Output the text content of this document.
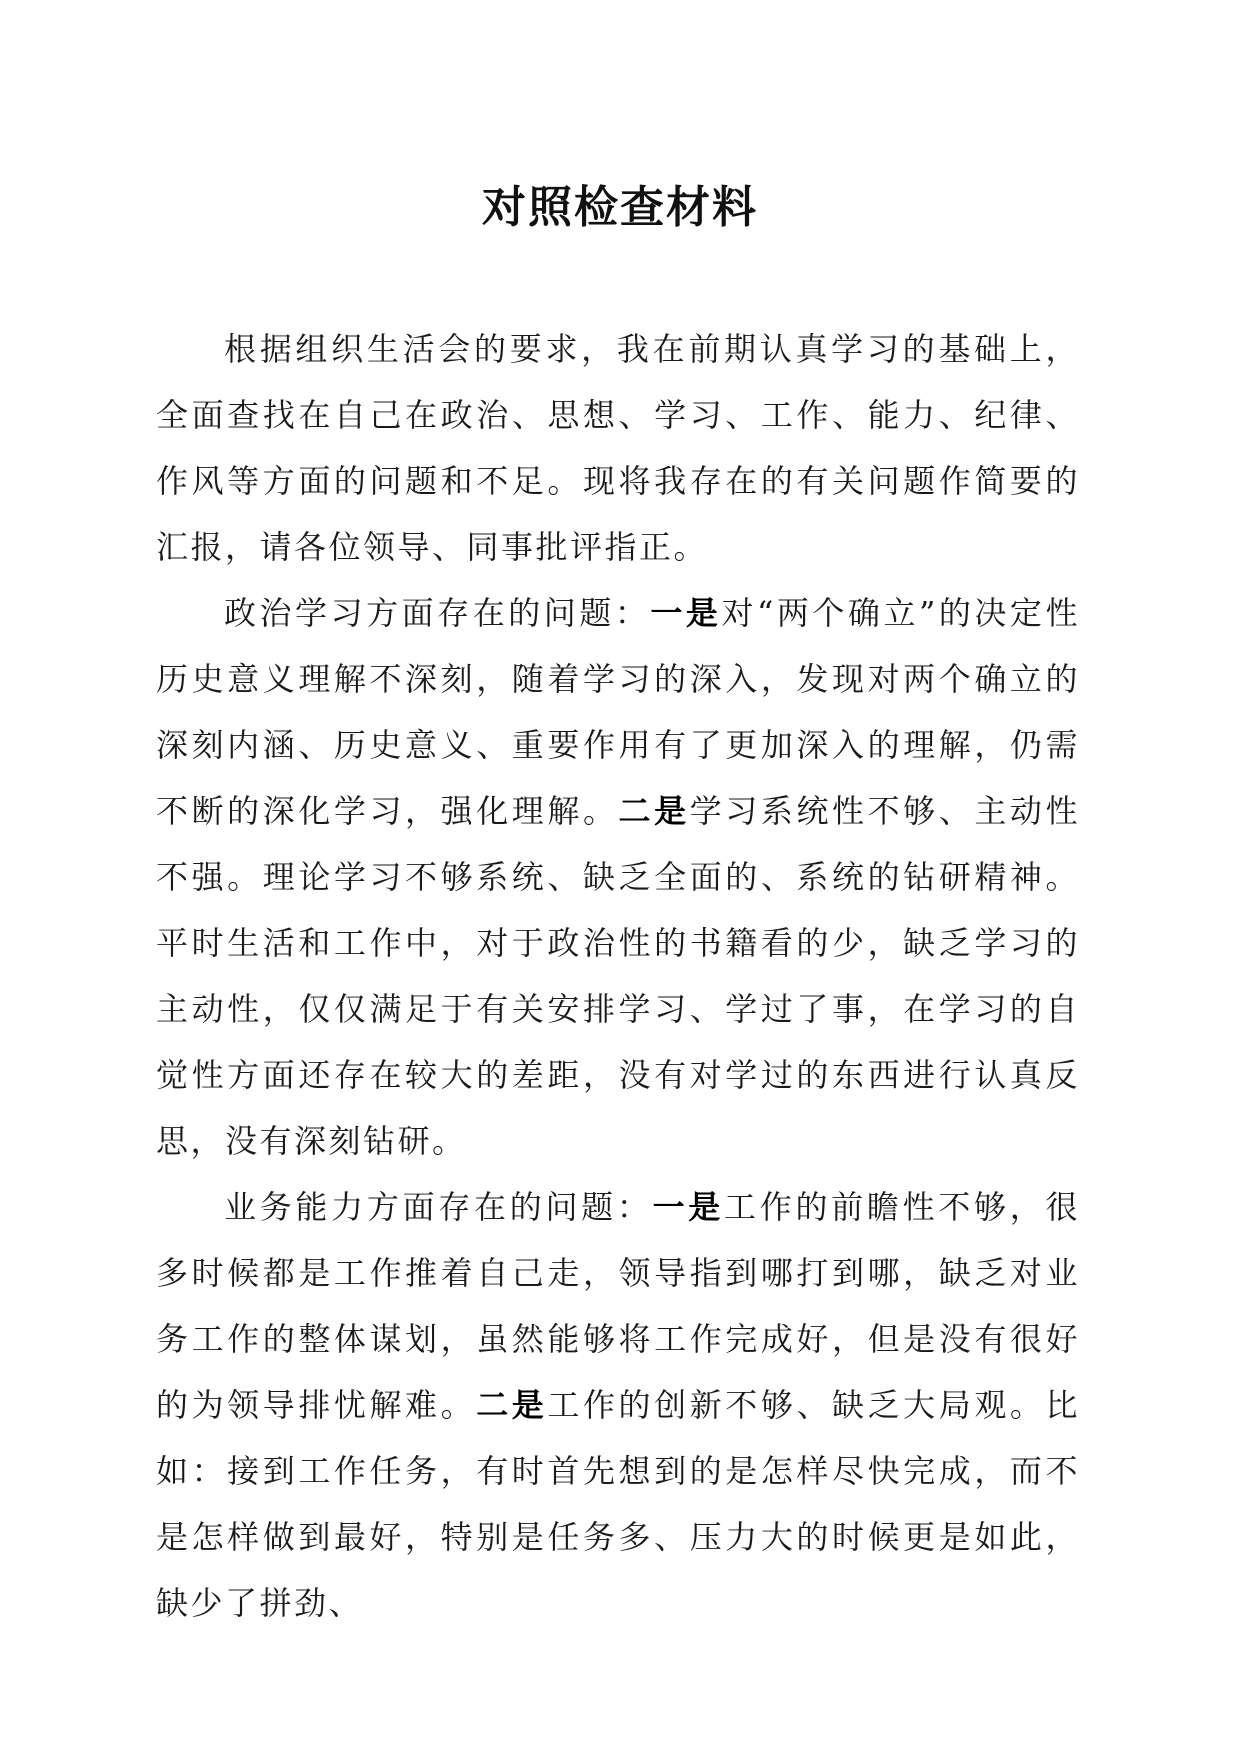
对照检查材料

根据组织生活会的要求，我在前期认真学习的基础上，全面查找在自己在政治、思想、学习、工作、能力、纪律、作风等方面的问题和不足。现将我存在的有关问题作简要的汇报，请各位领导、同事批评指正。

政治学习方面存在的问题：一是对“两个确立”的决定性历史意义理解不深刻，随着学习的深入，发现对两个确立的深刻内涵、历史意义、重要作用有了更加深入的理解，仍需不断的深化学习，强化理解。二是学习系统性不够、主动性不强。理论学习不够系统、缺乏全面的、系统的钻研精神。平时生活和工作中，对于政治性的书籍看的少，缺乏学习的主动性，仅仅满足于有关安排学习、学过了事，在学习的自觉性方面还存在较大的差距，没有对学过的东西进行认真反思，没有深刻钻研。

业务能力方面存在的问题：一是工作的前瞻性不够，很多时候都是工作推着自己走，领导指到哪打到哪，缺乏对业务工作的整体谋划，虽然能够将工作完成好，但是没有很好的为领导排忧解难。二是工作的创新不够、缺乏大局观。比如：接到工作任务，有时首先想到的是怎样尽快完成，而不是怎样做到最好，特别是任务多、压力大的时候更是如此，缺少了拼劲、
